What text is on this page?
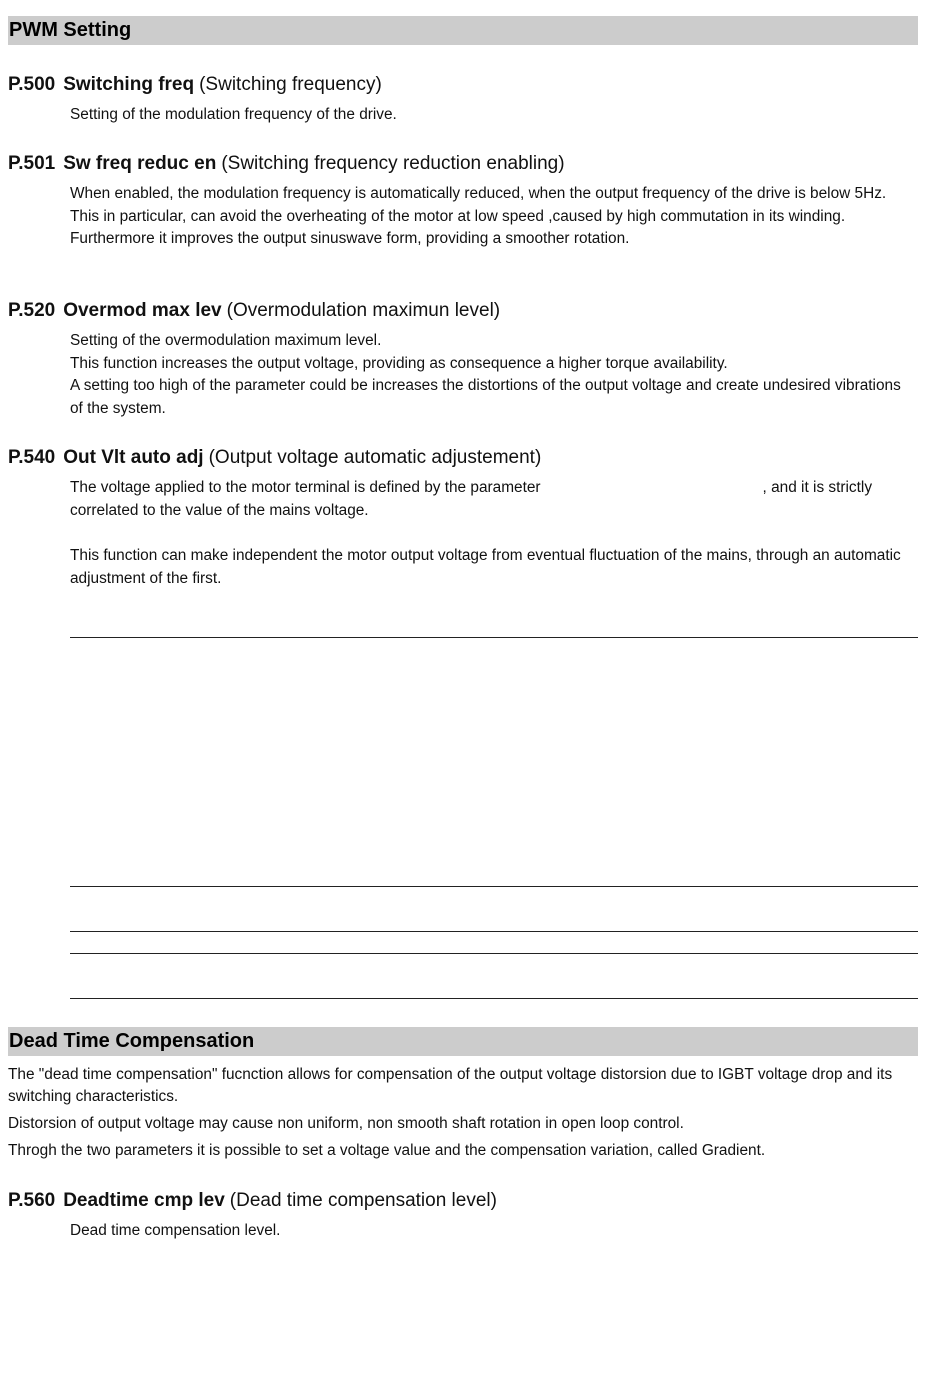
PWM Setting
P.500 Switching freq (Switching frequency)

Setting of the modulation frequency of the drive.

P.501 Sw freq reduc en (Switching frequency reduction enabling)

When enabled, the modulation frequency is automatically reduced, when the output frequency of the drive is below 5Hz.

This in particular, can avoid the overheating of the motor at low speed ,caused by high commutation in its winding. Furthermore it improves the output sinuswave form, providing a smoother rotation.

P.520 Overmod max lev (Overmodulation maximun level)

Setting of the overmodulation maximum level.

This function increases the output voltage, providing as consequence a higher torque availability.

A setting too high of the parameter could be increases the distortions of the output voltage and create undesired vibrations of the system.

P.540 Out Vlt auto adj (Output voltage automatic adjustement)

The voltage applied to the motor terminal is defined by the parameter	, and it is strictly correlated to the value of the mains voltage.

This function can make independent the motor output voltage from eventual fluctuation of the mains, through an automatic adjustment of the first.

Dead Time Compensation

The "dead time compensation" fucnction allows for compensation of the output voltage distorsion due to IGBT voltage drop and its switching characteristics.

Distorsion of output voltage may cause non uniform, non smooth shaft rotation in open loop control.

Throgh the two parameters it is possible to set a voltage value and the compensation variation, called Gradient.

P.560 Deadtime cmp lev (Dead time compensation level)

Dead time compensation level.
